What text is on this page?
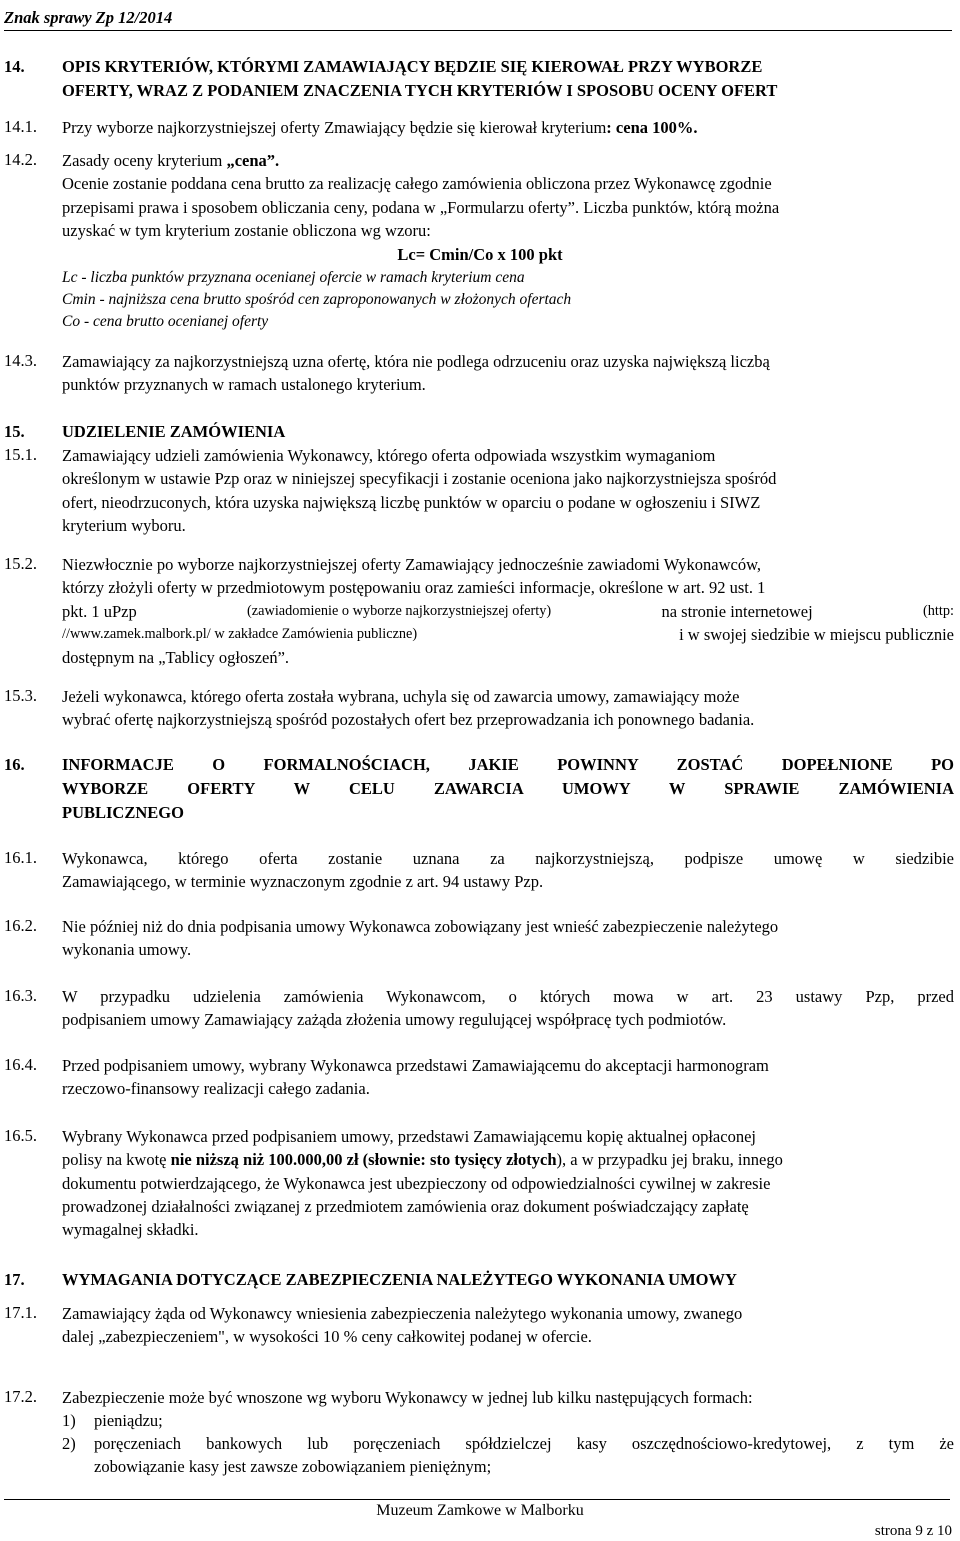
Znak sprawy Zp 12/2014
14. OPIS KRYTERIÓW, KTÓRYMI ZAMAWIAJĄCY BĘDZIE SIĘ KIEROWAŁ PRZY WYBORZE
OFERTY, WRAZ Z PODANIEM ZNACZENIA TYCH KRYTERIÓW I SPOSOBU OCENY OFERT
14.1. Przy wyborze najkorzystniejszej oferty Zmawiający będzie się kierował kryterium: cena 100%.
14.2. Zasady oceny kryterium „cena”.
Ocenie zostanie poddana cena brutto za realizację całego zamówienia obliczona przez Wykonawcę zgodnie
przepisami prawa i sposobem obliczania ceny, podana w „Formularzu oferty”. Liczba punktów, którą można
uzyskać w tym kryterium zostanie obliczona wg wzoru:
Lc= Cmin/Co x 100 pkt
Lc - liczba punktów przyznana ocenianej ofercie w ramach kryterium cena
Cmin - najniższa cena brutto spośród cen zaproponowanych w złożonych ofertach
Co - cena brutto ocenianej oferty
14.3. Zamawiający za najkorzystniejszą uzna ofertę, która nie podlega odrzuceniu oraz uzyska największą liczbą
punktów przyznanych w ramach ustalonego kryterium.
15. UDZIELENIE ZAMÓWIENIA
15.1. Zamawiający udzieli zamówienia Wykonawcy, którego oferta odpowiada wszystkim wymaganiom
określonym w ustawie Pzp oraz w niniejszej specyfikacji i zostanie oceniona jako najkorzystniejsza spośród
ofert, nieodrzuconych, która uzyska największą liczbę punktów w oparciu o podane w ogłoszeniu i SIWZ
kryterium wyboru.
15.2. Niezwłocznie po wyborze najkorzystniejszej oferty Zamawiający jednocześnie zawiadomi Wykonawców,
którzy złożyli oferty w przedmiotowym postępowaniu oraz zamieści informacje, określone w art. 92 ust. 1
pkt. 1 uPzp	(zawiadomienie o wyborze najkorzystniejszej oferty)	na stronie internetowej	(http:
//www.zamek.malbork.pl/ w zakładce Zamówienia publiczne)	i w swojej siedzibie w miejscu publicznie
dostępnym na „Tablicy ogłoszeń”.
15.3. Jeżeli wykonawca, którego oferta została wybrana, uchyla się od zawarcia umowy, zamawiający może
wybrać ofertę najkorzystniejszą spośród pozostałych ofert bez przeprowadzania ich ponownego badania.
16. INFORMACJE O FORMALNOŚCIACH, JAKIE POWINNY ZOSTAĆ DOPEŁNIONE PO
WYBORZE OFERTY W CELU ZAWARCIA UMOWY W SPRAWIE ZAMÓWIENIA
PUBLICZNEGO
16.1. Wykonawca, którego oferta zostanie uznana za najkorzystniejszą, podpisze umowę w siedzibie
Zamawiającego, w terminie wyznaczonym zgodnie z art. 94 ustawy Pzp.
16.2. Nie później niż do dnia podpisania umowy Wykonawca zobowiązany jest wnieść zabezpieczenie należytego
wykonania umowy.
16.3. W przypadku udzielenia zamówienia Wykonawcom, o których mowa w art. 23 ustawy Pzp, przed
podpisaniem umowy Zamawiający zażąda złożenia umowy regulującej współpracę tych podmiotów.
16.4. Przed podpisaniem umowy, wybrany Wykonawca przedstawi Zamawiającemu do akceptacji harmonogram
rzeczowo-finansowy realizacji całego zadania.
16.5. Wybrany Wykonawca przed podpisaniem umowy, przedstawi Zamawiającemu kopię aktualnej opłaconej
polisy na kwotę nie niższą niż 100.000,00 zł (słownie: sto tysięcy złotych), a w przypadku jej braku, innego
dokumentu potwierdzającego, że Wykonawca jest ubezpieczony od odpowiedzialności cywilnej w zakresie
prowadzonej działalności związanej z przedmiotem zamówienia oraz dokument poświadczający zapłatę
wymagalnej składki.
17. WYMAGANIA DOTYCZĄCE ZABEZPIECZENIA NALEŻYTEGO WYKONANIA UMOWY
17.1. Zamawiający żąda od Wykonawcy wniesienia zabezpieczenia należytego wykonania umowy, zwanego
dalej „zabezpieczeniem", w wysokości 10 % ceny całkowitej podanej w ofercie.
17.2. Zabezpieczenie może być wnoszone wg wyboru Wykonawcy w jednej lub kilku następujących formach:
1) pieniądzu;
2) poręczeniach bankowych lub poręczeniach spółdzielczej kasy oszczędnościowo-kredytowej, z tym że
zobowiązanie kasy jest zawsze zobowiązaniem pieniężnym;
Muzeum Zamkowe w Malborku
strona 9 z 10
